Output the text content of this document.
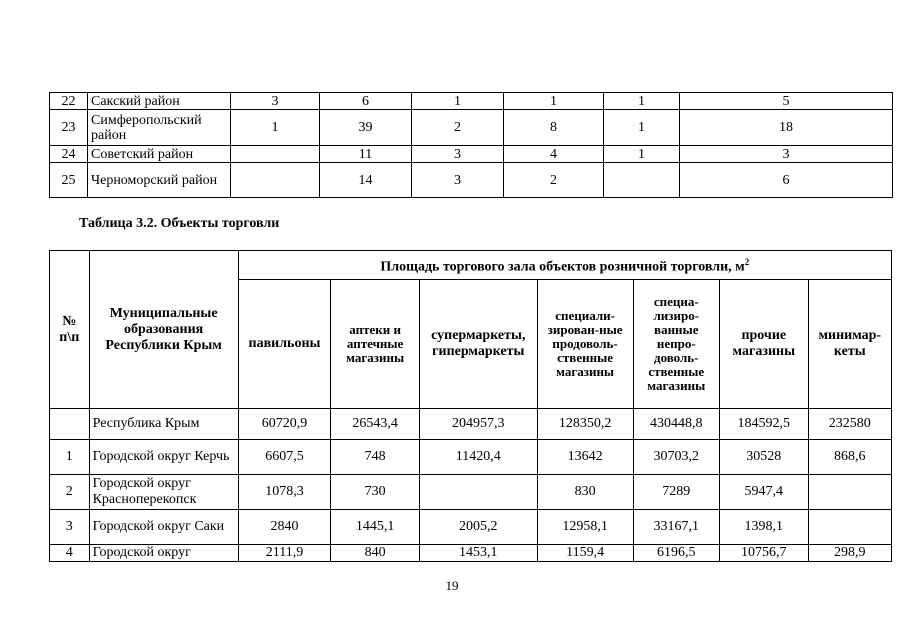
22	Сакский район	3	6	1	1	1	5
23	Симферопольский район	1	39	2	8	1	18
24	Советский район		11	3	4	1	3
25	Черноморский район		14	3	2		6
Таблица 3.2. Объекты торговли
№ п\п	Муниципальные образования Республики Крым	Площадь торгового зала объектов розничной торговли, $м^2$
		павильоны	аптеки и аптечные магазины	супермаркеты, гипермаркеты	специали-зирован-ные продоволь-ственные магазины	специа-лизиро-ванные непро-доволь-ственные магазины	прочие магазины	минимар-кеты
	Республика Крым	60720,9	26543,4	204957,3	128350,2	430448,8	184592,5	232580
1	Городской округ Керчь	6607,5	748	11420,4	13642	30703,2	30528	868,6
2	Городской округ Красноперекопск	1078,3	730		830	7289	5947,4	
3	Городской округ Саки	2840	1445,1	2005,2	12958,1	33167,1	1398,1	
4	Городской округ	2111,9	840	1453,1	1159,4	6196,5	10756,7	298,9
19
